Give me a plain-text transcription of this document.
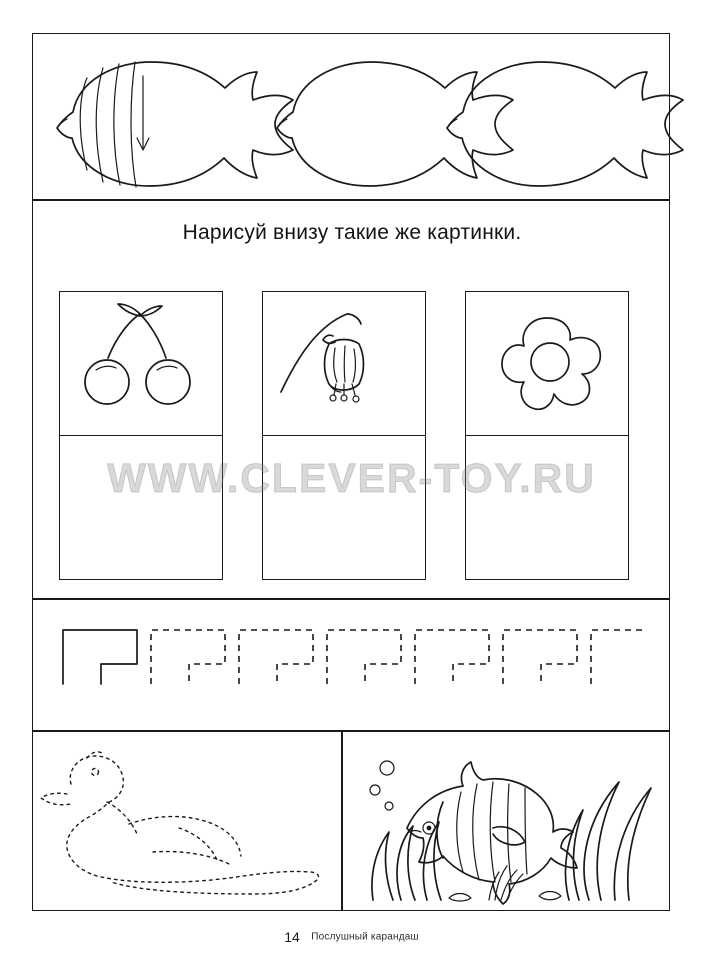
Нарисуй внизу такие же картинки.
WWW.CLEVER-TOY.RU
14 Послушный карандаш
